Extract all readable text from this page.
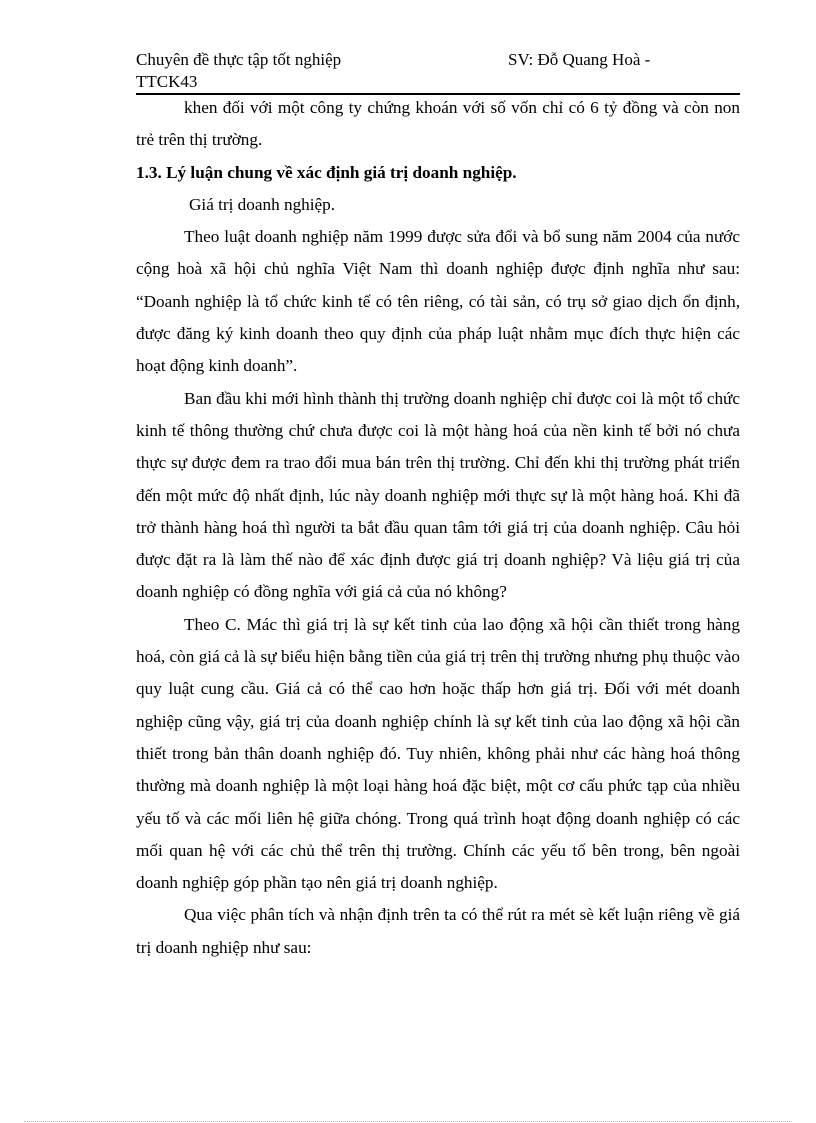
Chuyên đề thực tập tốt nghiệp	SV: Đỗ Quang Hoà -
TTCK43

khen đối với một công ty chứng khoán với số vốn chỉ có 6 tỷ đồng và còn non trẻ trên thị trường.

1.3. Lý luận chung về xác định giá trị doanh nghiệp.

Giá trị doanh nghiệp.

Theo luật doanh nghiệp năm 1999 được sửa đổi và bổ sung năm 2004 của nước cộng hoà xã hội chủ nghĩa Việt Nam thì doanh nghiệp được định nghĩa như sau: “Doanh nghiệp là tổ chức kinh tế có tên riêng, có tài sản, có trụ sở giao dịch ổn định, được đăng ký kinh doanh theo quy định của pháp luật nhằm mục đích thực hiện các hoạt động kinh doanh”.

Ban đầu khi mới hình thành thị trường doanh nghiệp chỉ được coi là một tổ chức kinh tế thông thường chứ chưa được coi là một hàng hoá của nền kinh tế bởi nó chưa thực sự được đem ra trao đổi mua bán trên thị trường. Chỉ đến khi thị trường phát triển đến một mức độ nhất định, lúc này doanh nghiệp mới thực sự là một hàng hoá. Khi đã trở thành hàng hoá thì người ta bắt đầu quan tâm tới giá trị của doanh nghiệp. Câu hỏi được đặt ra là làm thế nào để xác định được giá trị doanh nghiệp? Và liệu giá trị của doanh nghiệp có đồng nghĩa với giá cả của nó không?

Theo C. Mác thì giá trị là sự kết tinh của lao động xã hội cần thiết trong hàng hoá, còn giá cả là sự biểu hiện bằng tiền của giá trị trên thị trường nhưng phụ thuộc vào quy luật cung cầu. Giá cả có thể cao hơn hoặc thấp hơn giá trị. Đối với mét doanh nghiệp cũng vậy, giá trị của doanh nghiệp chính là sự kết tinh của lao động xã hội cần thiết trong bản thân doanh nghiệp đó. Tuy nhiên, không phải như các hàng hoá thông thường mà doanh nghiệp là một loại hàng hoá đặc biệt, một cơ cấu phức tạp của nhiều yếu tố và các mối liên hệ giữa chóng. Trong quá trình hoạt động doanh nghiệp có các mối quan hệ với các chủ thể trên thị trường. Chính các yếu tố bên trong, bên ngoài doanh nghiệp góp phần tạo nên giá trị doanh nghiệp.

Qua việc phân tích và nhận định trên ta có thể rút ra mét sè kết luận riêng về giá trị doanh nghiệp như sau:
